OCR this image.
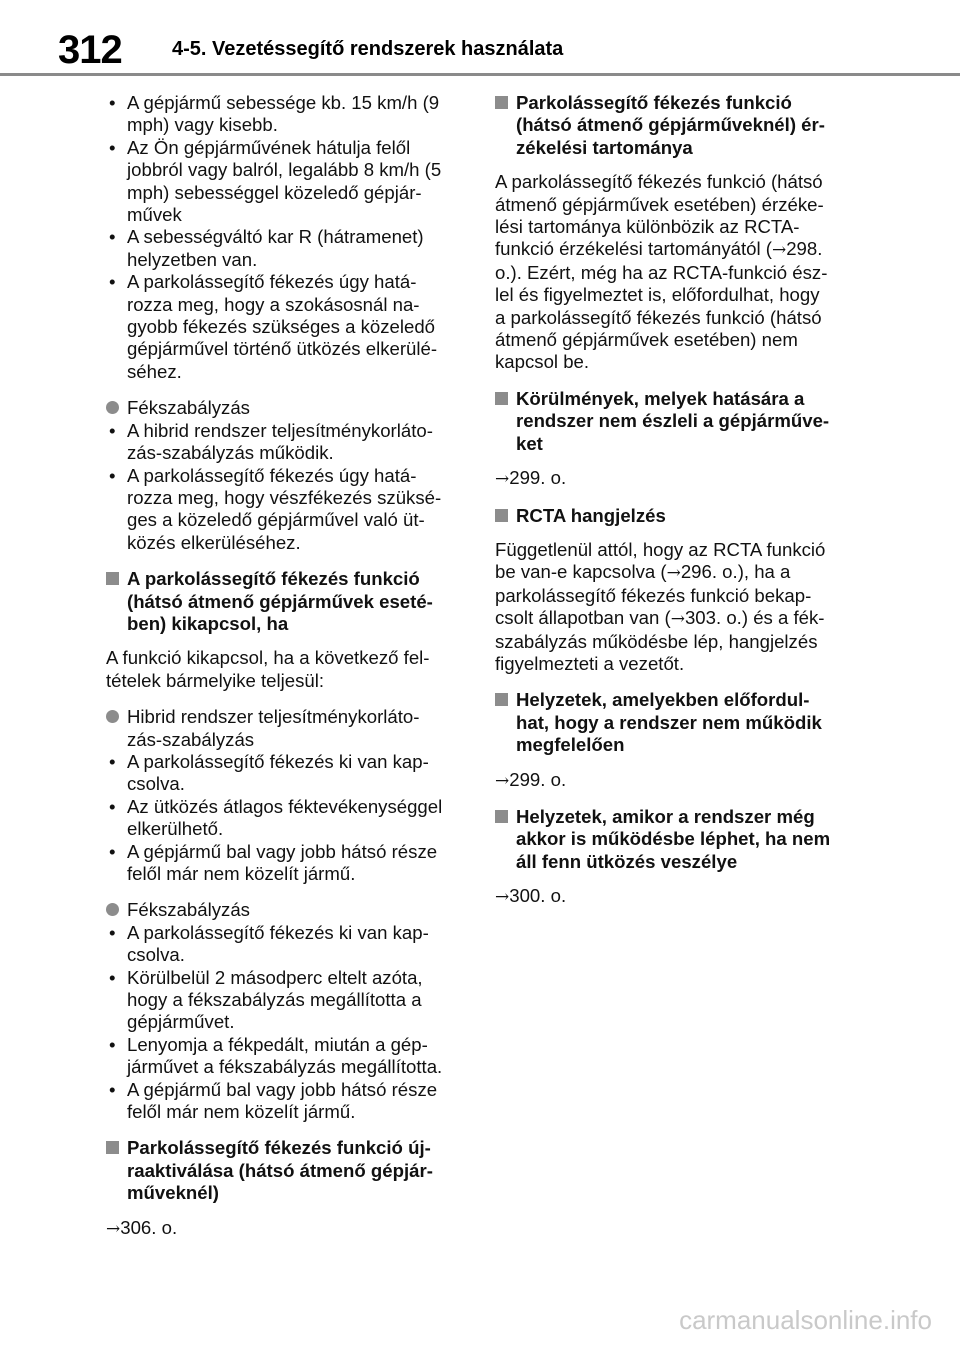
312	4-5. Vezetéssegítő rendszerek használata
• A gépjármű sebessége kb. 15 km/h (9
mph) vagy kisebb.
• Az Ön gépjárművének hátulja felől
jobbról vagy balról, legalább 8 km/h (5
mph) sebességgel közeledő gépjár-
művek
• A sebességváltó kar R (hátramenet)
helyzetben van.
• A parkolássegítő fékezés úgy hatá-
rozza meg, hogy a szokásosnál na-
gyobb fékezés szükséges a közeledő
gépjárművel történő ütközés elkerülé-
séhez.
Fékszabályzás
• A hibrid rendszer teljesítménykorláto-
zás-szabályzás működik.
• A parkolássegítő fékezés úgy hatá-
rozza meg, hogy vészfékezés szüksé-
ges a közeledő gépjárművel való üt-
közés elkerüléséhez.
A parkolássegítő fékezés funkció
(hátsó átmenő gépjárművek eseté-
ben) kikapcsol, ha
A funkció kikapcsol, ha a következő fel-
tételek bármelyike teljesül:
Hibrid rendszer teljesítménykorláto-
zás-szabályzás
• A parkolássegítő fékezés ki van kap-
csolva.
• Az ütközés átlagos féktevékenységgel
elkerülhető.
• A gépjármű bal vagy jobb hátsó része
felől már nem közelít jármű.
Fékszabályzás
• A parkolássegítő fékezés ki van kap-
csolva.
• Körülbelül 2 másodperc eltelt azóta,
hogy a fékszabályzás megállította a
gépjárművet.
• Lenyomja a fékpedált, miután a gép-
járművet a fékszabályzás megállította.
• A gépjármű bal vagy jobb hátsó része
felől már nem közelít jármű.
Parkolássegítő fékezés funkció új-
raaktiválása (hátsó átmenő gépjár-
műveknél)
→306. o.
Parkolássegítő fékezés funkció
(hátsó átmenő gépjárműveknél) ér-
zékelési tartománya
A parkolássegítő fékezés funkció (hátsó
átmenő gépjárművek esetében) érzéke-
lési tartománya különbözik az RCTA-
funkció érzékelési tartományától (→298.
o.). Ezért, még ha az RCTA-funkció ész-
lel és figyelmeztet is, előfordulhat, hogy
a parkolássegítő fékezés funkció (hátsó
átmenő gépjárművek esetében) nem
kapcsol be.
Körülmények, melyek hatására a
rendszer nem észleli a gépjárműve-
ket
→299. o.
RCTA hangjelzés
Függetlenül attól, hogy az RCTA funkció
be van-e kapcsolva (→296. o.), ha a
parkolássegítő fékezés funkció bekap-
csolt állapotban van (→303. o.) és a fék-
szabályzás működésbe lép, hangjelzés
figyelmezteti a vezetőt.
Helyzetek, amelyekben előfordul-
hat, hogy a rendszer nem működik
megfelelően
→299. o.
Helyzetek, amikor a rendszer még
akkor is működésbe léphet, ha nem
áll fenn ütközés veszélye
→300. o.
carmanualsonline.info
